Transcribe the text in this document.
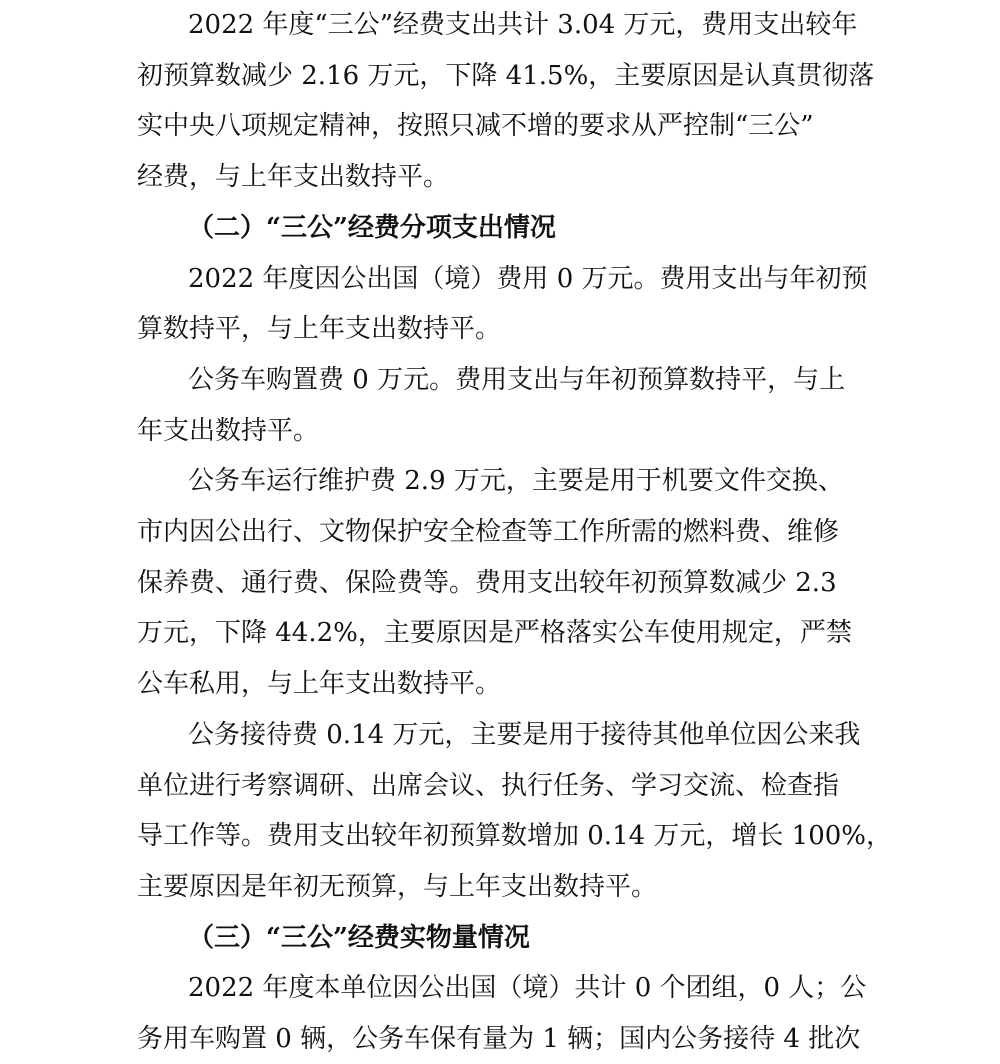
2022 年度“三公”经费支出共计 3.04 万元，费用支出较年
初预算数减少 2.16 万元，下降 41.5%，主要原因是认真贯彻落
实中央八项规定精神，按照只减不增的要求从严控制“三公”
经费，与上年支出数持平。
（二）“三公”经费分项支出情况
2022 年度因公出国（境）费用 0 万元。费用支出与年初预
算数持平，与上年支出数持平。
公务车购置费 0 万元。费用支出与年初预算数持平，与上
年支出数持平。
公务车运行维护费 2.9 万元，主要是用于机要文件交换、
市内因公出行、文物保护安全检查等工作所需的燃料费、维修
保养费、通行费、保险费等。费用支出较年初预算数减少 2.3
万元，下降 44.2%，主要原因是严格落实公车使用规定，严禁
公车私用，与上年支出数持平。
公务接待费 0.14 万元，主要是用于接待其他单位因公来我
单位进行考察调研、出席会议、执行任务、学习交流、检查指
导工作等。费用支出较年初预算数增加 0.14 万元，增长 100%，
主要原因是年初无预算，与上年支出数持平。
（三）“三公”经费实物量情况
2022 年度本单位因公出国（境）共计 0 个团组，0 人；公
务用车购置 0 辆，公务车保有量为 1 辆；国内公务接待 4 批次
